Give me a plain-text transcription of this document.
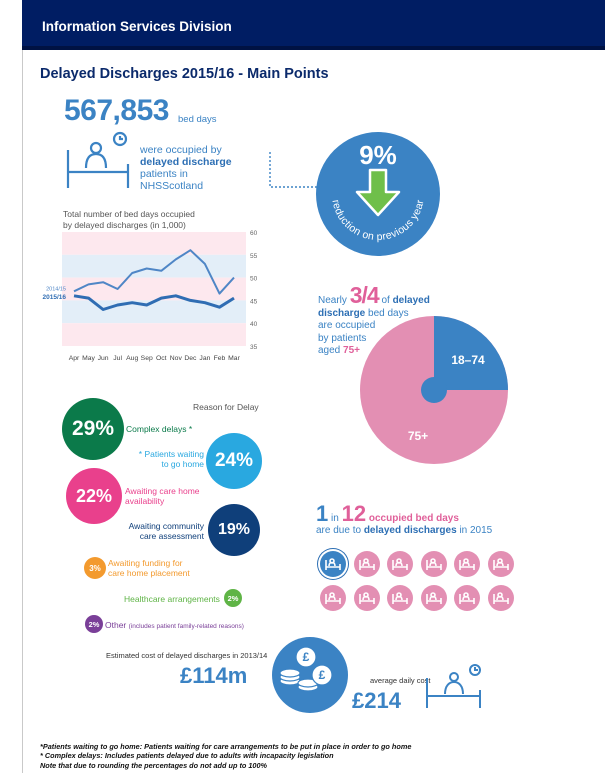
Information Services Division
Delayed Discharges 2015/16 - Main Points
567,853 bed days
were occupied by
delayed discharge
patients in
NHSScotland
9%
reduction on previous year
Total number of bed days occupied
by delayed discharges (in 1,000)
60
55
50
45
40
35
Apr May Jun Jul Aug Sep Oct Nov Dec Jan Feb Mar
2014/15
2015/16	Nearly 3/4 of delayed
discharge bed days
are occupied
by patients
aged 75+
18–74
75+
Reason for Delay
29%	Complex delays *
24%
* Patients waiting
to go home
22%	Awaiting care home
availability
19%
Awaiting community
care assessment
3% Awaiting funding for
care home placement
Healthcare arrangements	2%
2% Other (includes patient family-related reasons)
1 in 12 occupied bed days
are due to delayed discharges in 2015
Estimated cost of delayed discharges in 2013/14
£114m
£
£	average daily cost
£214
*Patients waiting to go home: Patients waiting for care arrangements to be put in place in order to go home
* Complex delays: Includes patients delayed due to adults with incapacity legislation
Note that due to rounding the percentages do not add up to 100%
